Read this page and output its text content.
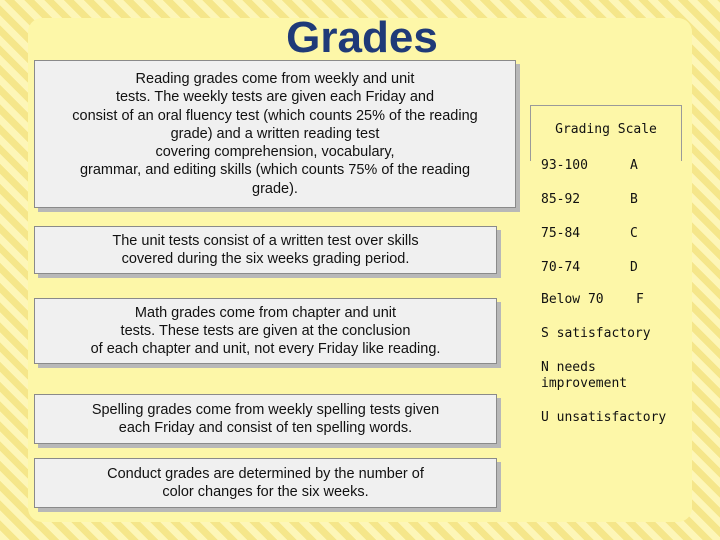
Grades
Reading grades come from weekly and unit
tests. The weekly tests are given each Friday and
consist of an oral fluency test (which counts 25% of the reading
grade) and a written reading test
covering comprehension, vocabulary,
grammar, and editing skills (which counts 75% of the reading
grade).
The unit tests consist of a written test over skills
covered during the six weeks grading period.
Math grades come from chapter and unit
tests. These tests are given at the conclusion
of each chapter and unit, not every Friday like reading.
Spelling grades come from weekly spelling tests given
each Friday and consist of ten spelling words.
Conduct grades are determined by the number of
color changes for the six weeks.
Grading Scale
93-100	A
85-92	B
75-84	C
70-74	D
Below 70 F
S satisfactory
N needs
improvement
U unsatisfactory
